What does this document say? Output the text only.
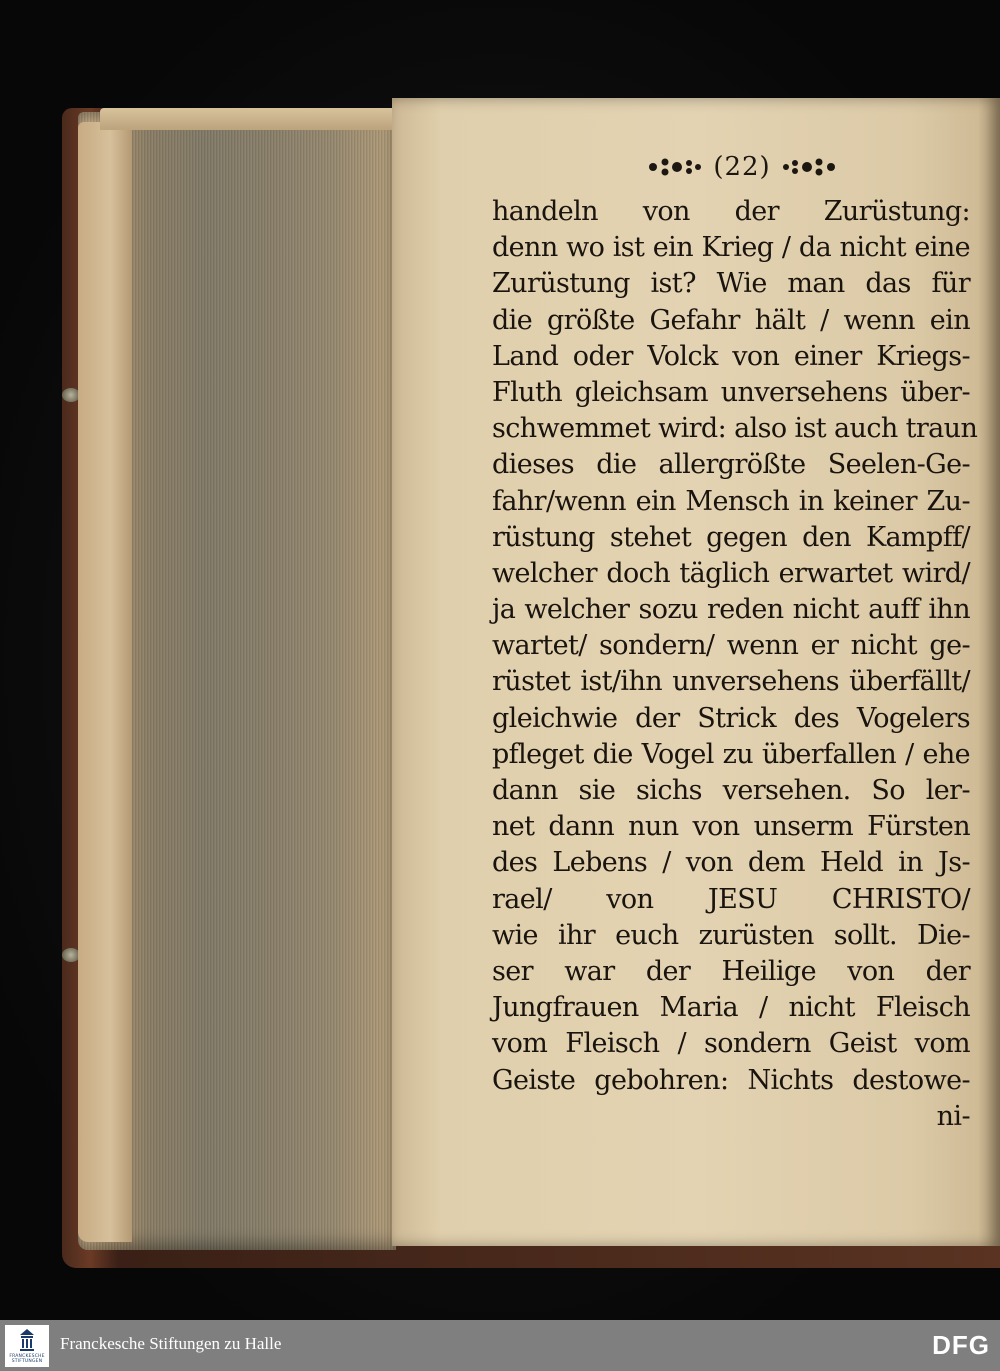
(22)
handeln von der Zurüstung:
denn wo ist ein Krieg / da nicht eine
Zurüstung ist? Wie man das für
die größte Gefahr hält / wenn ein
Land oder Volck von einer Kriegs-
Fluth gleichsam unversehens über-
schwemmet wird: also ist auch traun
dieses die allergrößte Seelen-Ge-
fahr/wenn ein Mensch in keiner Zu-
rüstung stehet gegen den Kampff/
welcher doch täglich erwartet wird/
ja welcher sozu reden nicht auff ihn
wartet/ sondern/ wenn er nicht ge-
rüstet ist/ihn unversehens überfällt/
gleichwie der Strick des Vogelers
pfleget die Vogel zu überfallen / ehe
dann sie sichs versehen. So ler-
net dann nun von unserm Fürsten
des Lebens / von dem Held in Js-
rael/ von JESU CHRISTO/
wie ihr euch zurüsten sollt. Die-
ser war der Heilige von der
Jungfrauen Maria / nicht Fleisch
vom Fleisch / sondern Geist vom
Geiste gebohren: Nichts destowe-
ni-
FRANCKESCHE
STIFTUNGEN
Franckesche Stiftungen zu Halle	DFG
